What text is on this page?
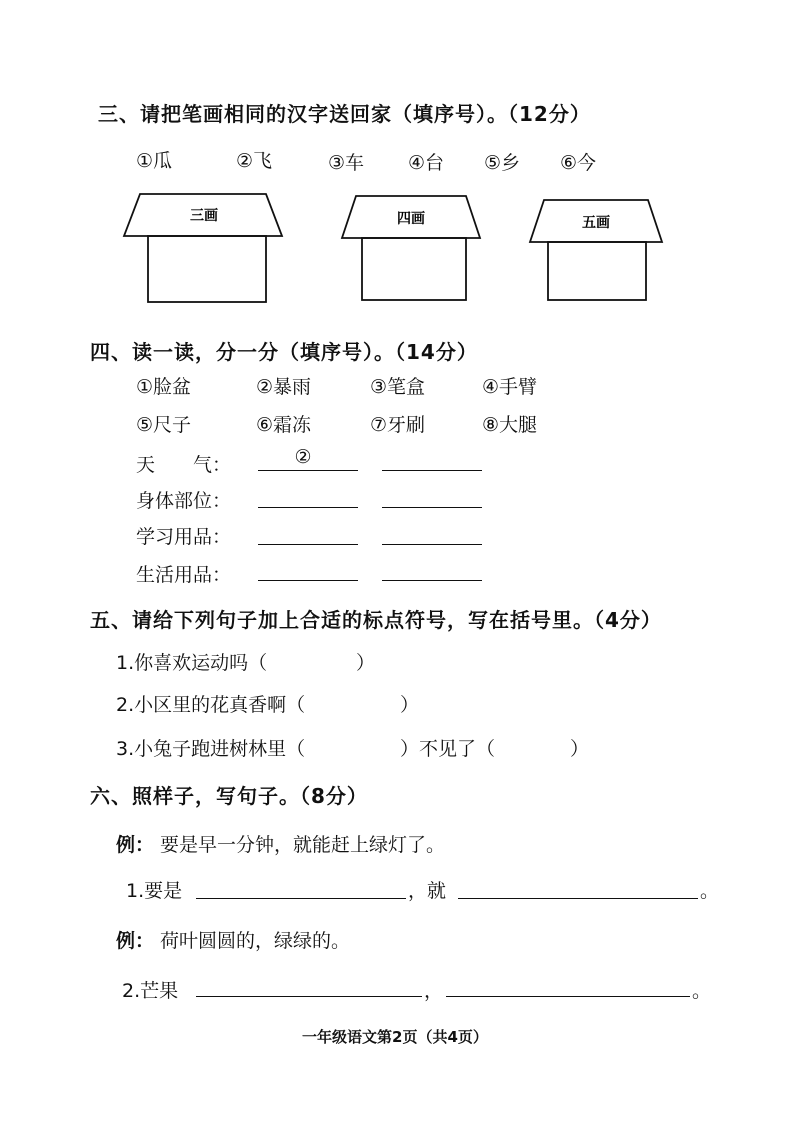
三、请把笔画相同的汉字送回家（填序号）。（12分）
①瓜	②飞	③车 ④台 ⑤乡 ⑥今
三画	四画	五画
四、读一读，分一分（填序号）。（14分）
①脸盆	②暴雨	③笔盒	④手臂
⑤尺子	⑥霜冻	⑦牙刷	⑧大腿
天　　气：	②
身体部位：
学习用品：
生活用品：
五、请给下列句子加上合适的标点符号，写在括号里。（4分）
1.你喜欢运动吗（	）
2.小区里的花真香啊（	）
3.小兔子跑进树林里（	）不见了（	）
六、照样子，写句子。（8分）
例： 要是早一分钟，就能赶上绿灯了。
1.要是	，就	。
例： 荷叶圆圆的，绿绿的。
2.芒果	，	。
一年级语文第2页（共4页）
